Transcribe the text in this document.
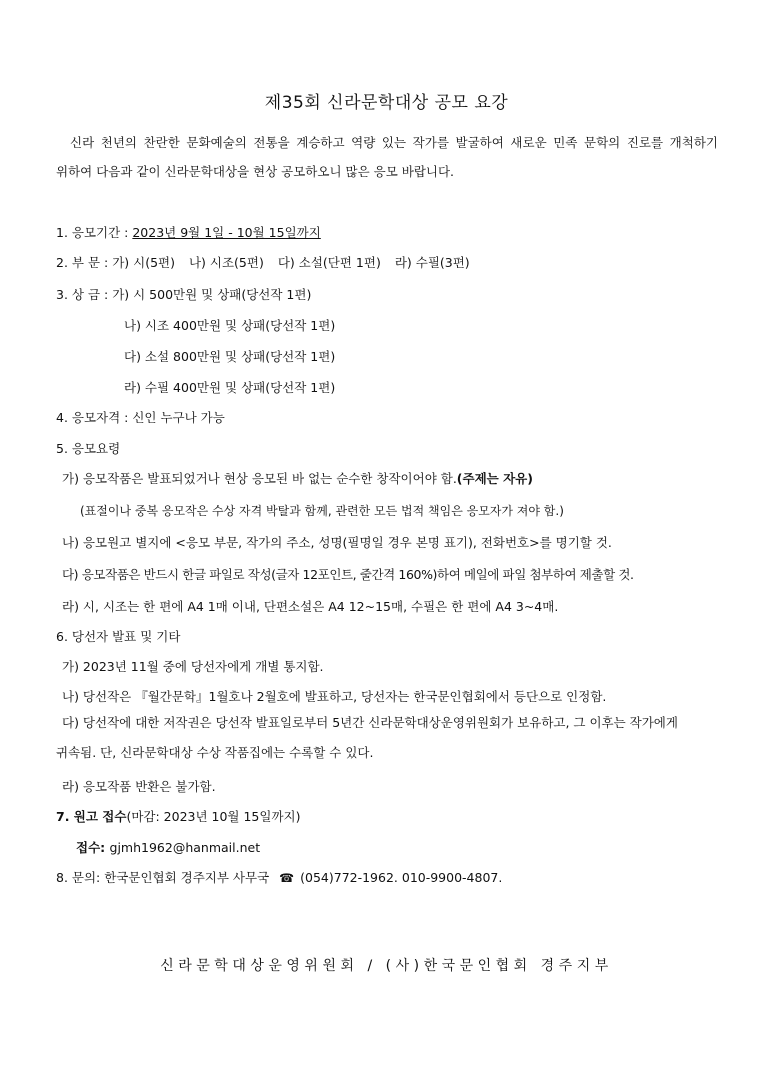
제35회 신라문학대상 공모 요강
신라 천년의 찬란한 문화예술의 전통을 계승하고 역량 있는 작가를 발굴하여 새로운 민족 문학의 진로를 개척하기 위하여 다음과 같이 신라문학대상을 현상 공모하오니 많은 응모 바랍니다.
1. 응모기간 : 2023년 9월 1일 - 10월 15일까지
2. 부 문 : 가) 시(5편) 나) 시조(5편) 다) 소설(단편 1편) 라) 수필(3편)
3. 상 금 : 가) 시 500만원 및 상패(당선작 1편)
나) 시조 400만원 및 상패(당선작 1편)
다) 소설 800만원 및 상패(당선작 1편)
라) 수필 400만원 및 상패(당선작 1편)
4. 응모자격 : 신인 누구나 가능
5. 응모요령
가) 응모작품은 발표되었거나 현상 응모된 바 없는 순수한 창작이어야 함.(주제는 자유)
(표절이나 중복 응모작은 수상 자격 박탈과 함께, 관련한 모든 법적 책임은 응모자가 져야 함.)
나) 응모원고 별지에 <응모 부문, 작가의 주소, 성명(필명일 경우 본명 표기), 전화번호>를 명기할 것.
다) 응모작품은 반드시 한글 파일로 작성(글자 12포인트, 줄간격 160%)하여 메일에 파일 첨부하여 제출할 것.
라) 시, 시조는 한 편에 A4 1매 이내, 단편소설은 A4 12~15매, 수필은 한 편에 A4 3~4매.
6. 당선자 발표 및 기타
가) 2023년 11월 중에 당선자에게 개별 통지함.
나) 당선작은 『월간문학』1월호나 2월호에 발표하고, 당선자는 한국문인협회에서 등단으로 인정함.
다) 당선작에 대한 저작권은 당선작 발표일로부터 5년간 신라문학대상운영위원회가 보유하고, 그 이후는 작가에게 귀속됨. 단, 신라문학대상 수상 작품집에는 수록할 수 있다.
라) 응모작품 반환은 불가함.
7. 원고 접수(마감: 2023년 10월 15일까지)
접수: gjmh1962@hanmail.net
8. 문의: 한국문인협회 경주지부 사무국 ☎ (054)772-1962. 010-9900-4807.
신라문학대상운영위원회 / (사)한국문인협회 경주지부
